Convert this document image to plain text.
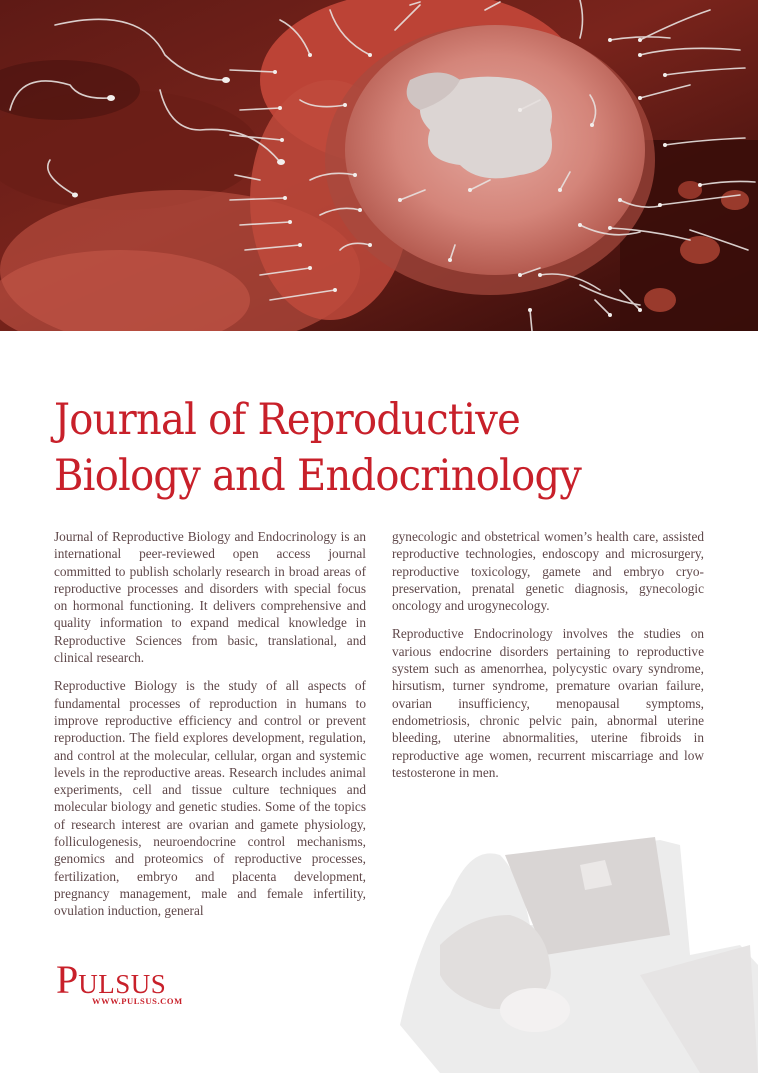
Journal of Reproductive
Biology and Endocrinology

Journal of Reproductive Biology and Endocrinology is an international peer-reviewed open access journal committed to publish scholarly research in broad areas of reproductive processes and disorders with special focus on hormonal functioning. It delivers comprehensive and quality information to expand medical knowledge in Reproductive Sciences from basic, translational, and clinical research.

Reproductive Biology is the study of all aspects of fundamental processes of reproduction in humans to improve reproductive efficiency and control or prevent reproduction. The field explores development, regulation, and control at the molecular, cellular, organ and systemic levels in the reproductive areas. Research includes animal experiments, cell and tissue culture techniques and molecular biology and genetic studies. Some of the topics of research interest are ovarian and gamete physiology, folliculogenesis, neuroendocrine control mechanisms, genomics and proteomics of reproductive processes, fertilization, embryo and placenta development, pregnancy management, male and female infertility, ovulation induction, general

gynecologic and obstetrical women’s health care, assisted reproductive technologies, endoscopy and microsurgery, reproductive toxicology, gamete and embryo cryo-preservation, prenatal genetic diagnosis, gynecologic oncology and urogynecology.

Reproductive Endocrinology involves the studies on various endocrine disorders pertaining to reproductive system such as amenorrhea, polycystic ovary syndrome, hirsutism, turner syndrome, premature ovarian failure, ovarian insufficiency, menopausal symptoms, endometriosis, chronic pelvic pain, abnormal uterine bleeding, uterine abnormalities, uterine fibroids in reproductive age women, recurrent miscarriage and low testosterone in men.

PULSUS
WWW.PULSUS.COM
